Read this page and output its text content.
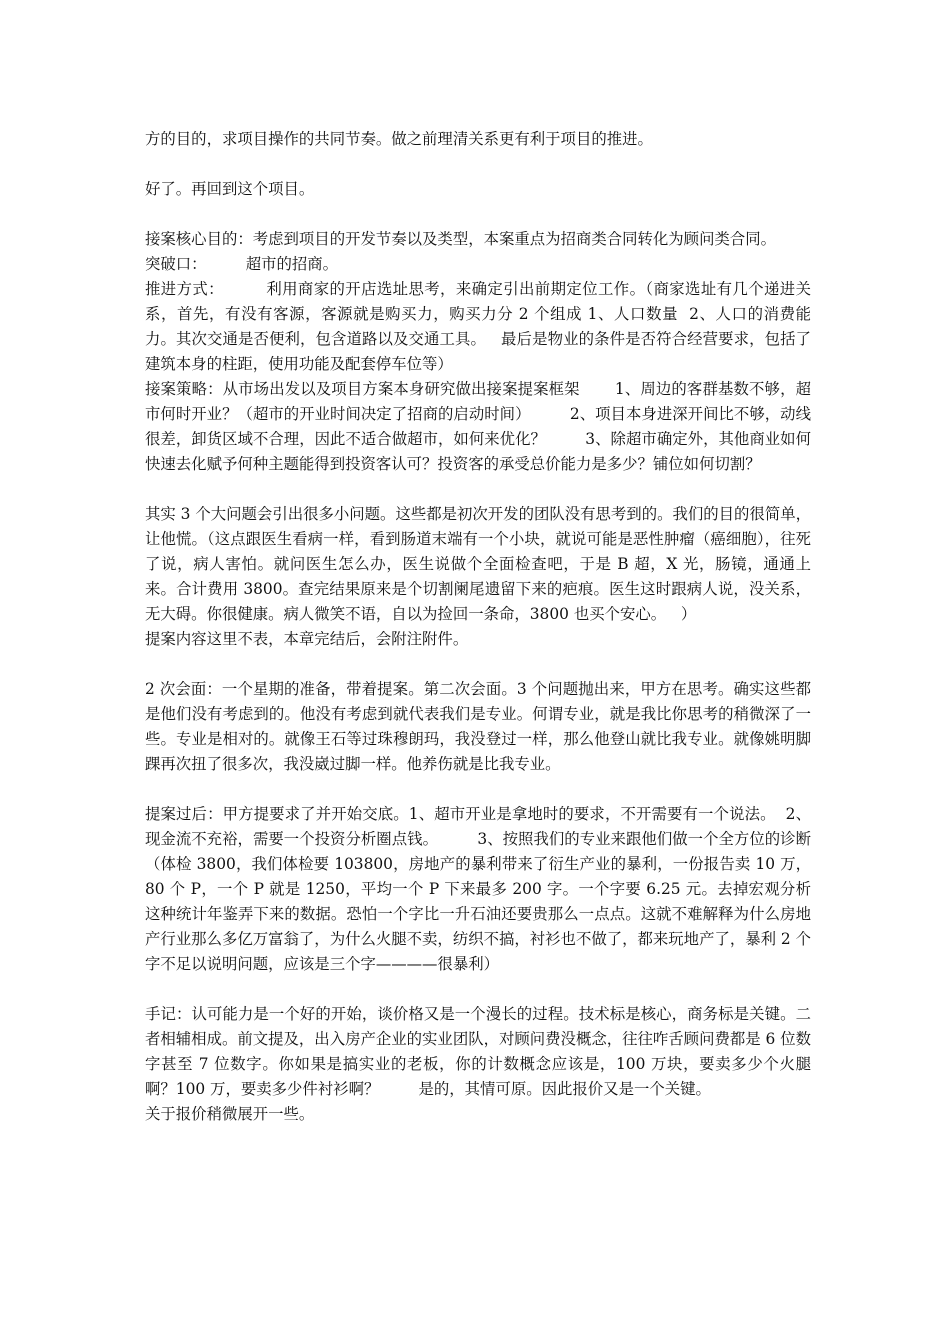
方的目的，求项目操作的共同节奏。做之前理清关系更有利于项目的推进。

好了。再回到这个项目。

接案核心目的：考虑到项目的开发节奏以及类型，本案重点为招商类合同转化为顾问类合同。

突破口：        超市的招商。

推进方式：        利用商家的开店选址思考，来确定引出前期定位工作。（商家选址有几个递进关系，首先，有没有客源，客源就是购买力，购买力分 2 个组成 1、人口数量  2、人口的消费能力。其次交通是否便利，包含道路以及交通工具。   最后是物业的条件是否符合经营要求，包括了建筑本身的柱距，使用功能及配套停车位等）

接案策略：从市场出发以及项目方案本身研究做出接案提案框架       1、周边的客群基数不够，超市何时开业？（超市的开业时间决定了招商的启动时间）        2、项目本身进深开间比不够，动线很差，卸货区域不合理，因此不适合做超市，如何来优化？        3、除超市确定外，其他商业如何快速去化赋予何种主题能得到投资客认可？投资客的承受总价能力是多少？铺位如何切割？

其实 3 个大问题会引出很多小问题。这些都是初次开发的团队没有思考到的。我们的目的很简单，让他慌。（这点跟医生看病一样，看到肠道末端有一个小块，就说可能是恶性肿瘤（癌细胞），往死了说，病人害怕。就问医生怎么办，医生说做个全面检查吧，于是 B 超，X 光，肠镜，通通上来。合计费用 3800。查完结果原来是个切割阑尾遗留下来的疤痕。医生这时跟病人说，没关系，无大碍。你很健康。病人微笑不语，自以为捡回一条命，3800 也买个安心。   ）

提案内容这里不表，本章完结后，会附注附件。

2 次会面：一个星期的准备，带着提案。第二次会面。3 个问题抛出来，甲方在思考。确实这些都是他们没有考虑到的。他没有考虑到就代表我们是专业。何谓专业，就是我比你思考的稍微深了一些。专业是相对的。就像王石等过珠穆朗玛，我没登过一样，那么他登山就比我专业。就像姚明脚踝再次扭了很多次，我没崴过脚一样。他养伤就是比我专业。

提案过后：甲方提要求了并开始交底。1、超市开业是拿地时的要求，不开需要有一个说法。  2、现金流不充裕，需要一个投资分析圈点钱。        3、按照我们的专业来跟他们做一个全方位的诊断（体检 3800，我们体检要 103800，房地产的暴利带来了衍生产业的暴利，一份报告卖 10 万，80 个 P，一个 P 就是 1250，平均一个 P 下来最多 200 字。一个字要 6.25 元。去掉宏观分析这种统计年鉴弄下来的数据。恐怕一个字比一升石油还要贵那么一点点。这就不难解释为什么房地产行业那么多亿万富翁了，为什么火腿不卖，纺织不搞，衬衫也不做了，都来玩地产了，暴利 2 个字不足以说明问题，应该是三个字————很暴利）

手记：认可能力是一个好的开始，谈价格又是一个漫长的过程。技术标是核心，商务标是关键。二者相辅相成。前文提及，出入房产企业的实业团队，对顾问费没概念，往往咋舌顾问费都是 6 位数字甚至 7 位数字。你如果是搞实业的老板，你的计数概念应该是，100 万块，要卖多少个火腿啊？100 万，要卖多少件衬衫啊？        是的，其情可原。因此报价又是一个关键。

关于报价稍微展开一些。
